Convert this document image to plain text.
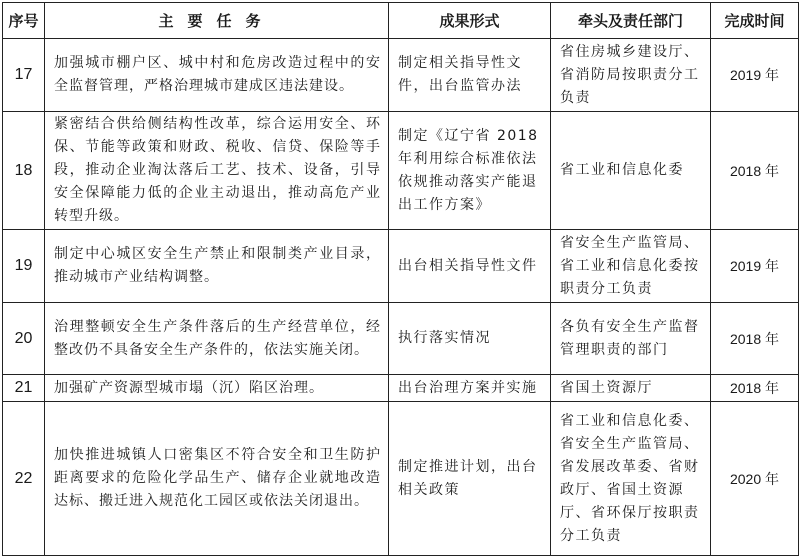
序号	主要任务	成果形式	牵头及责任部门	完成时间
17	加强城市棚户区、城中村和危房改造过程中的安全监督管理，严格治理城市建成区违法建设。	制定相关指导性文件，出台监管办法	省住房城乡建设厅、省消防局按职责分工负责	2019 年
18	紧密结合供给侧结构性改革，综合运用安全、环保、节能等政策和财政、税收、信贷、保险等手段，推动企业淘汰落后工艺、技术、设备，引导安全保障能力低的企业主动退出，推动高危产业转型升级。	制定《辽宁省 2018 年利用综合标准依法依规推动落实产能退出工作方案》	省工业和信息化委	2018 年
19	制定中心城区安全生产禁止和限制类产业目录，推动城市产业结构调整。	出台相关指导性文件	省安全生产监管局、省工业和信息化委按职责分工负责	2019 年
20	治理整顿安全生产条件落后的生产经营单位，经整改仍不具备安全生产条件的，依法实施关闭。	执行落实情况	各负有安全生产监督管理职责的部门	2018 年
21	加强矿产资源型城市塌（沉）陷区治理。	出台治理方案并实施	省国土资源厅	2018 年
22	加快推进城镇人口密集区不符合安全和卫生防护距离要求的危险化学品生产、储存企业就地改造达标、搬迁进入规范化工园区或依法关闭退出。	制定推进计划，出台相关政策	省工业和信息化委、省安全生产监管局、省发展改革委、省财政厅、省国土资源厅、省环保厅按职责分工负责	2020 年
